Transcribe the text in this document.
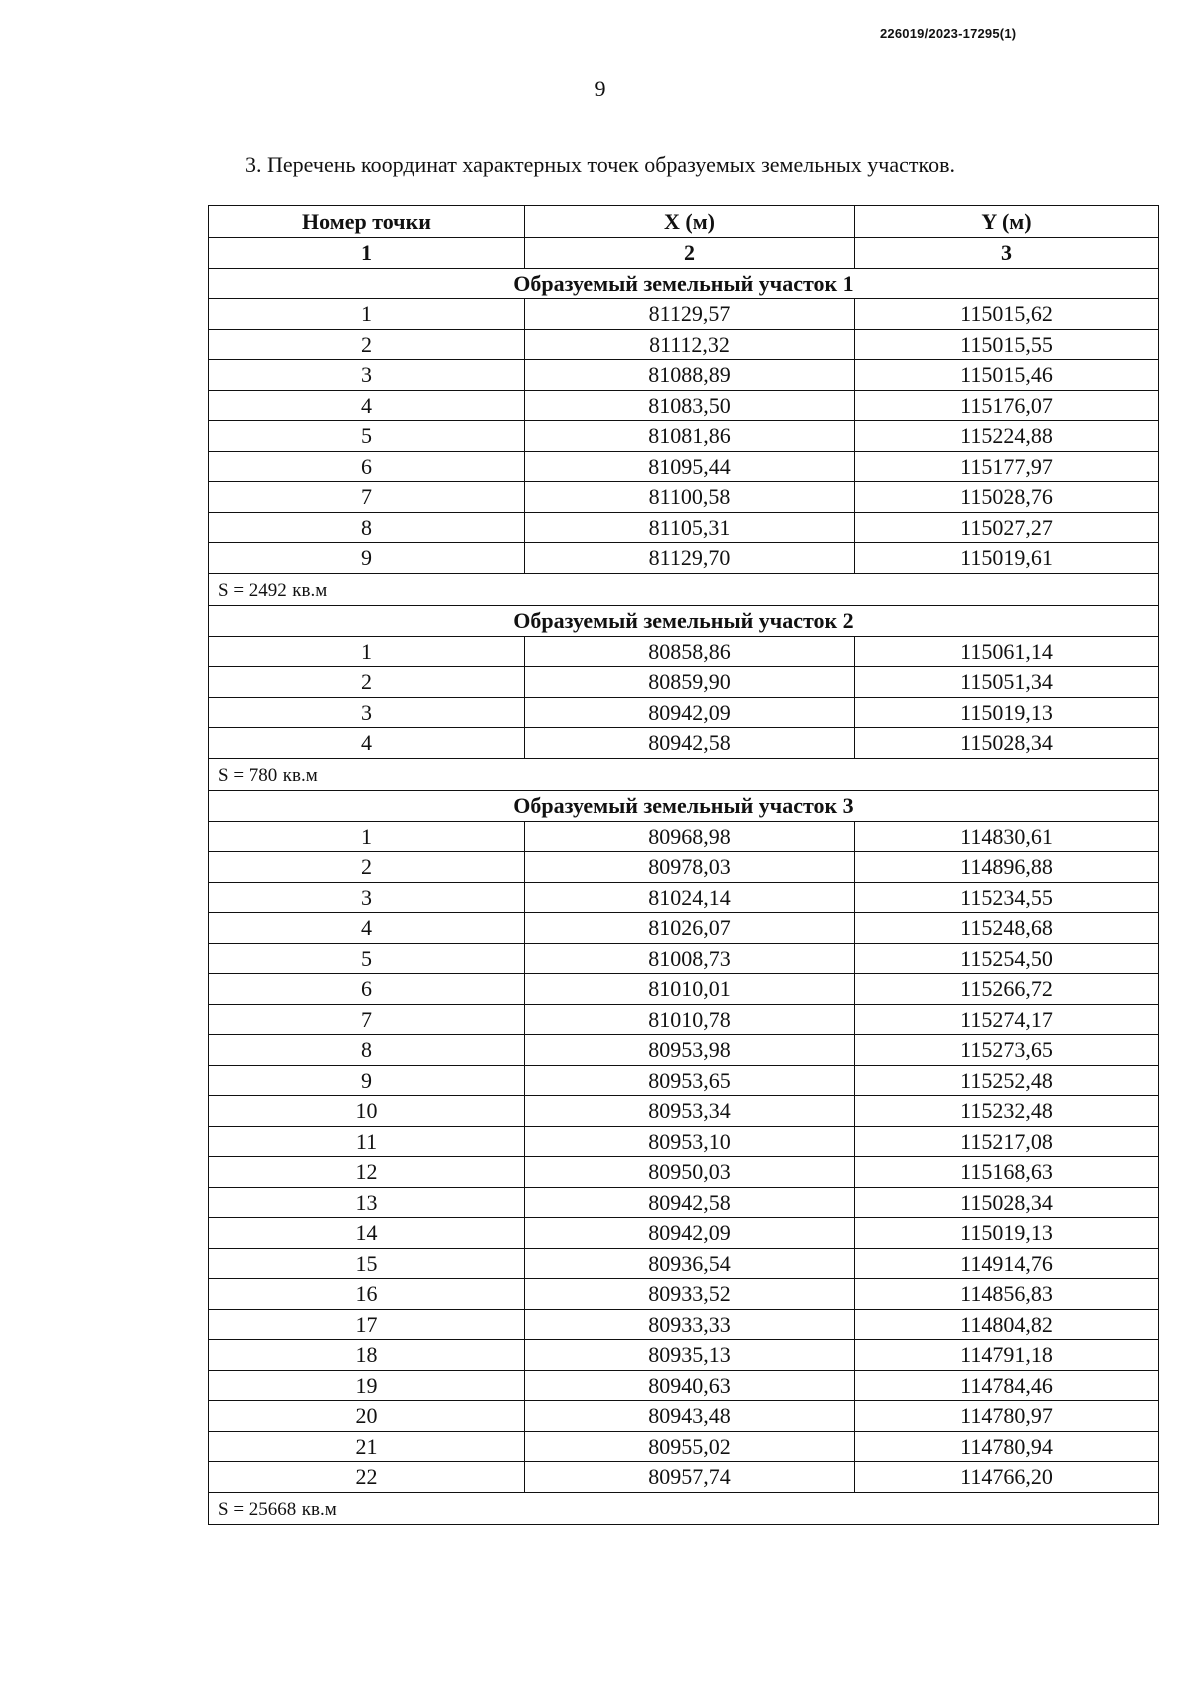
226019/2023-17295(1)
9
3. Перечень координат характерных точек образуемых земельных участков.
Номер точки	X (м)	Y (м)
1	2	3
Образуемый земельный участок 1		
1	81129,57	115015,62
2	81112,32	115015,55
3	81088,89	115015,46
4	81083,50	115176,07
5	81081,86	115224,88
6	81095,44	115177,97
7	81100,58	115028,76
8	81105,31	115027,27
9	81129,70	115019,61
S = 2492 кв.м		
Образуемый земельный участок 2		
1	80858,86	115061,14
2	80859,90	115051,34
3	80942,09	115019,13
4	80942,58	115028,34
S = 780 кв.м		
Образуемый земельный участок 3		
1	80968,98	114830,61
2	80978,03	114896,88
3	81024,14	115234,55
4	81026,07	115248,68
5	81008,73	115254,50
6	81010,01	115266,72
7	81010,78	115274,17
8	80953,98	115273,65
9	80953,65	115252,48
10	80953,34	115232,48
11	80953,10	115217,08
12	80950,03	115168,63
13	80942,58	115028,34
14	80942,09	115019,13
15	80936,54	114914,76
16	80933,52	114856,83
17	80933,33	114804,82
18	80935,13	114791,18
19	80940,63	114784,46
20	80943,48	114780,97
21	80955,02	114780,94
22	80957,74	114766,20
S = 25668 кв.м		
